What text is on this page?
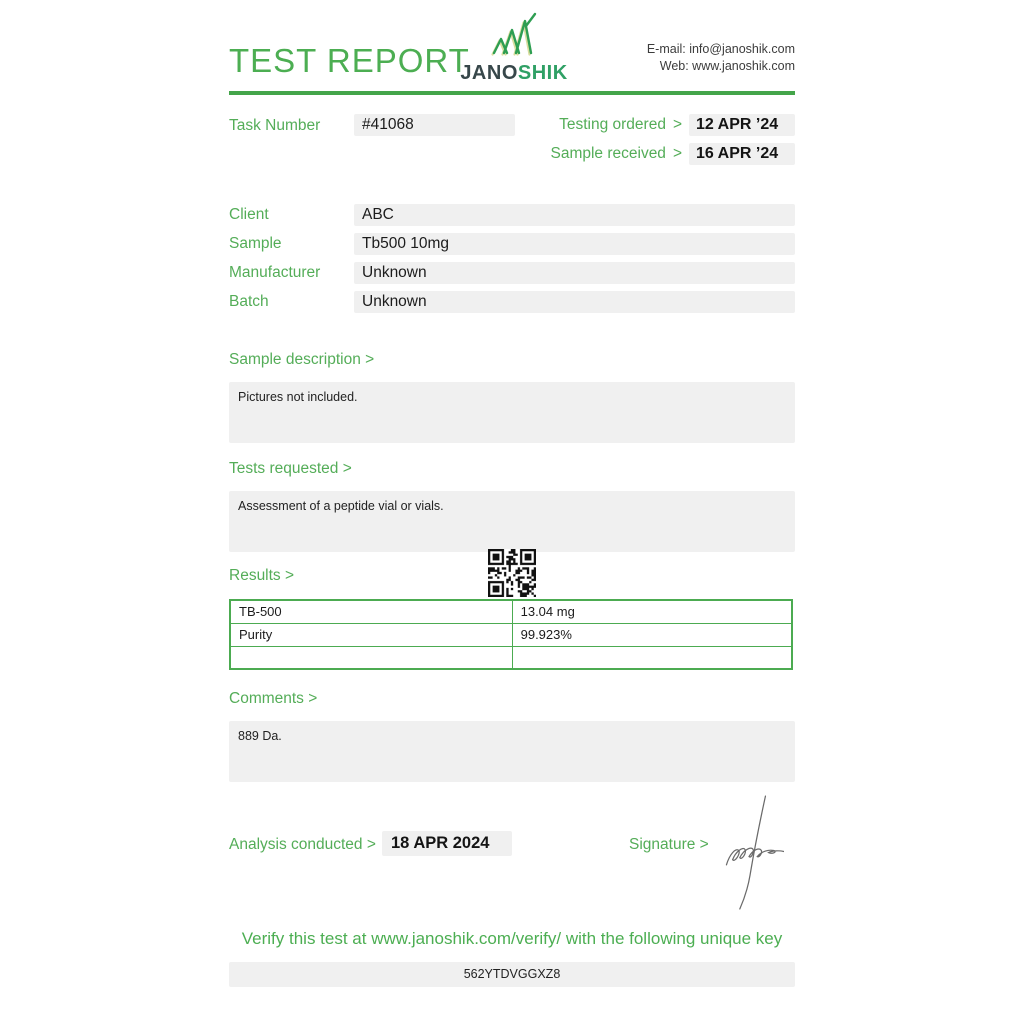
TEST REPORT
JANOSHIK
E-mail: info@janoshik.com
Web: www.janoshik.com
Task Number	#41068	Testing ordered > 12 APR ’24
Sample received > 16 APR ’24
Client	ABC
Sample	Tb500 10mg
Manufacturer	Unknown
Batch	Unknown
Sample description >
Pictures not included.
Tests requested >
Assessment of a peptide vial or vials.
Results >
TB-500	13.04 mg
Purity	99.923%

Comments >
889 Da.
Analysis conducted > 18 APR 2024	Signature >
Verify this test at www.janoshik.com/verify/ with the following unique key
562YTDVGGXZ8
